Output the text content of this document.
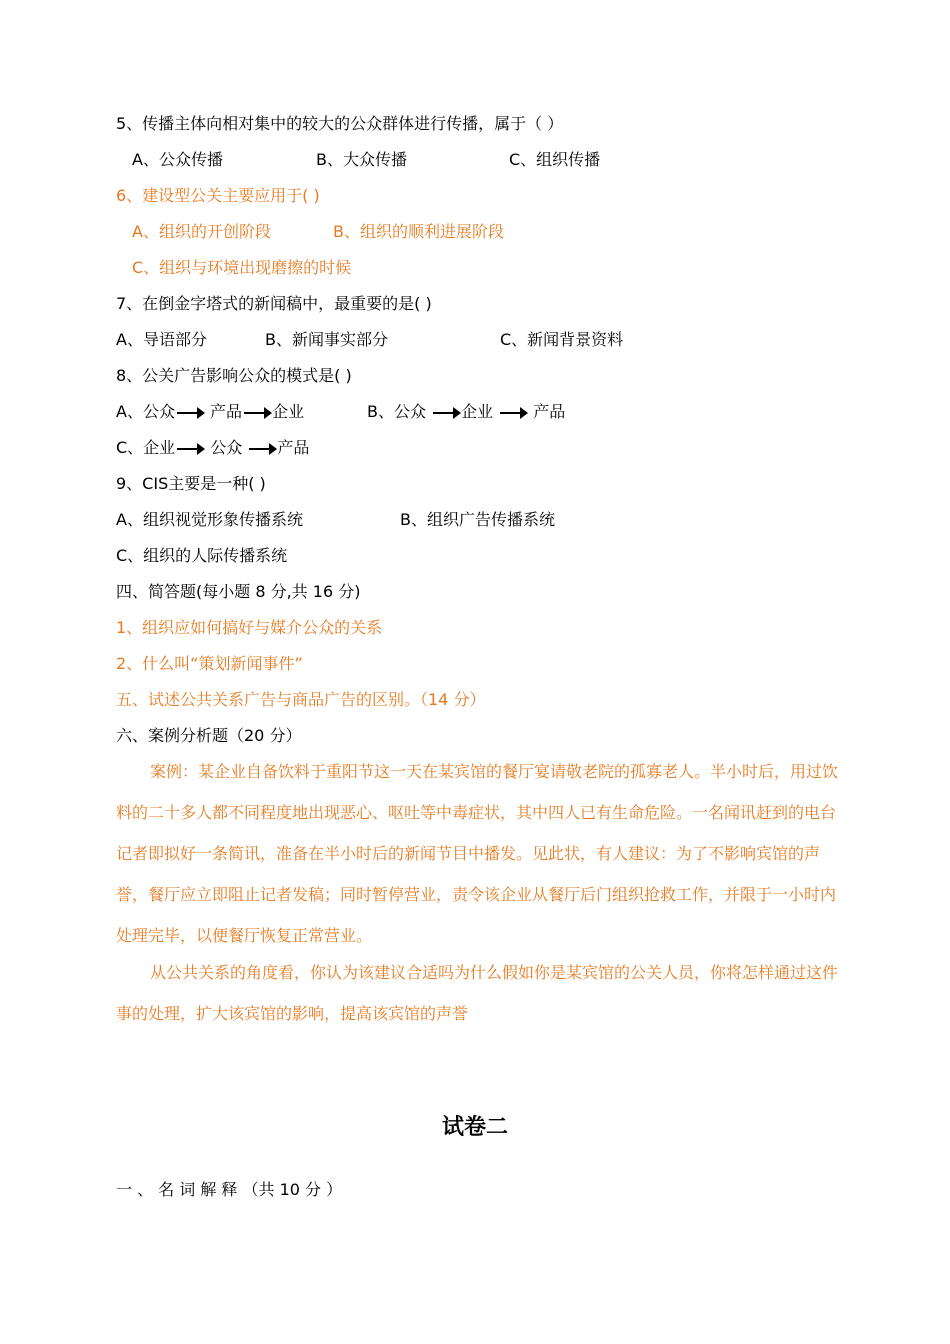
5、传播主体向相对集中的较大的公众群体进行传播，属于（ ）
A、公众传播	B、大众传播	C、组织传播
6、建设型公关主要应用于( )
A、组织的开创阶段	B、组织的顺利进展阶段
C、组织与环境出现磨擦的时候
7、在倒金字塔式的新闻稿中，最重要的是( )
A、导语部分	B、新闻事实部分	C、新闻背景资料
8、公关广告影响公众的模式是( )
A、公众 产品 企业	B、公众 企业	产品
C、企业 公众 产品
9、CIS主要是一种( )
A、组织视觉形象传播系统	B、组织广告传播系统
C、组织的人际传播系统
四、简答题(每小题 8 分,共 16 分)
1、组织应如何搞好与媒介公众的关系
2、什么叫“策划新闻事件”
五、试述公共关系广告与商品广告的区别。（14 分）
六、案例分析题（20 分）
案例：某企业自备饮料于重阳节这一天在某宾馆的餐厅宴请敬老院的孤寡老人。半小时后，用过饮料的二十多人都不同程度地出现恶心、呕吐等中毒症状，其中四人已有生命危险。一名闻讯赶到的电台记者即拟好一条简讯，准备在半小时后的新闻节目中播发。见此状，有人建议：为了不影响宾馆的声誉，餐厅应立即阻止记者发稿；同时暂停营业，责令该企业从餐厅后门组织抢救工作，并限于一小时内处理完毕，以便餐厅恢复正常营业。
从公共关系的角度看，你认为该建议合适吗为什么假如你是某宾馆的公关人员，你将怎样通过这件事的处理，扩大该宾馆的影响，提高该宾馆的声誉
试卷二
一 、 名 词 解 释 （共 10 分 ）
